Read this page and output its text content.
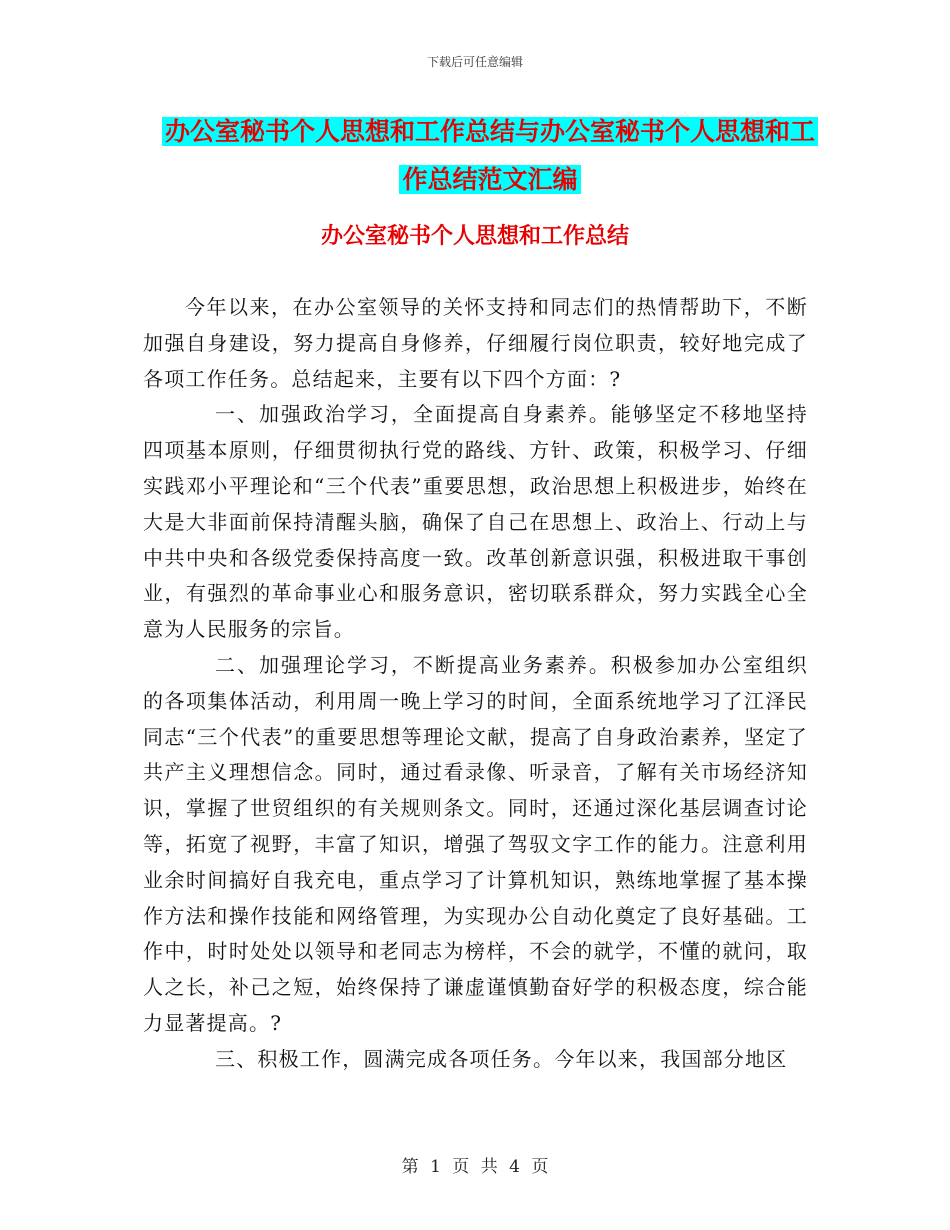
下载后可任意编辑
办公室秘书个人思想和工作总结与办公室秘书个人思想和工作总结范文汇编
办公室秘书个人思想和工作总结

今年以来，在办公室领导的关怀支持和同志们的热情帮助下，不断加强自身建设，努力提高自身修养，仔细履行岗位职责，较好地完成了各项工作任务。总结起来，主要有以下四个方面：?

一、加强政治学习，全面提高自身素养。能够坚定不移地坚持四项基本原则，仔细贯彻执行党的路线、方针、政策，积极学习、仔细实践邓小平理论和“三个代表”重要思想，政治思想上积极进步，始终在大是大非面前保持清醒头脑，确保了自己在思想上、政治上、行动上与中共中央和各级党委保持高度一致。改革创新意识强，积极进取干事创业，有强烈的革命事业心和服务意识，密切联系群众，努力实践全心全意为人民服务的宗旨。

二、加强理论学习，不断提高业务素养。积极参加办公室组织的各项集体活动，利用周一晚上学习的时间，全面系统地学习了江泽民同志“三个代表”的重要思想等理论文献，提高了自身政治素养，坚定了共产主义理想信念。同时，通过看录像、听录音，了解有关市场经济知识，掌握了世贸组织的有关规则条文。同时，还通过深化基层调查讨论等，拓宽了视野，丰富了知识，增强了驾驭文字工作的能力。注意利用业余时间搞好自我充电，重点学习了计算机知识，熟练地掌握了基本操作方法和操作技能和网络管理，为实现办公自动化奠定了良好基础。工作中，时时处处以领导和老同志为榜样，不会的就学，不懂的就问，取人之长，补己之短，始终保持了谦虚谨慎勤奋好学的积极态度，综合能力显著提高。?

三、积极工作，圆满完成各项任务。今年以来，我国部分地区

第 1 页 共 4 页
